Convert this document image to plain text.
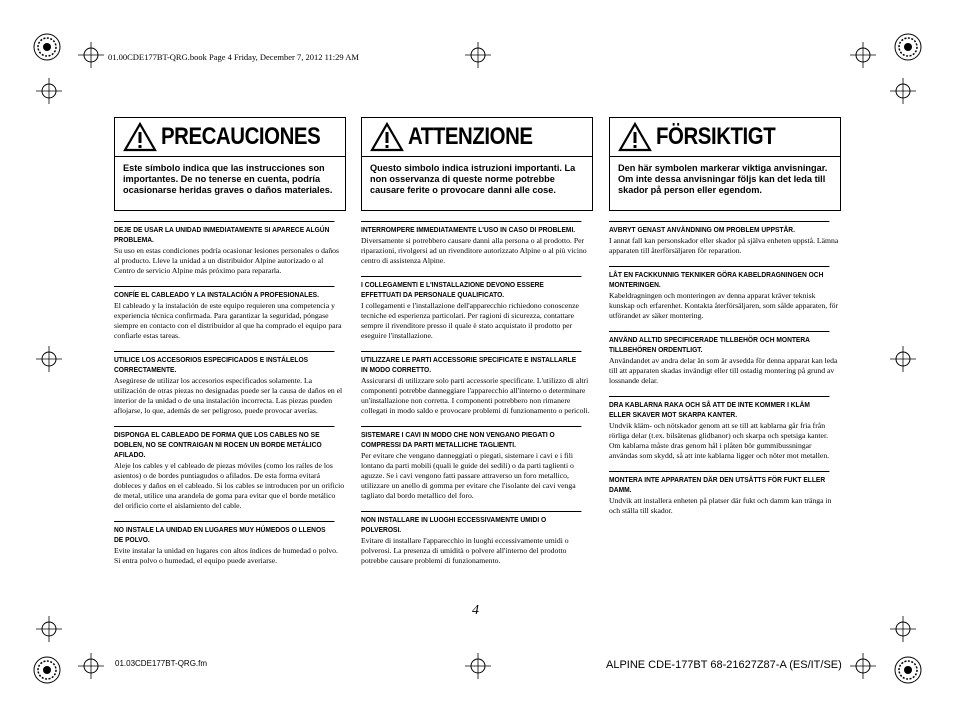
01.00CDE177BT-QRG.book Page 4 Friday, December 7, 2012 11:29 AM
PRECAUCIONES
Este símbolo indica que las instrucciones son importantes. De no tenerse en cuenta, podría ocasionarse heridas graves o daños materiales.
DEJE DE USAR LA UNIDAD INMEDIATAMENTE SI APARECE ALGÚN PROBLEMA.
Su uso en estas condiciones podría ocasionar lesiones personales o daños al producto. Lleve la unidad a un distribuidor Alpine autorizado o al Centro de servicio Alpine más próximo para repararla.
CONFÍE EL CABLEADO Y LA INSTALACIÓN A PROFESIONALES.
El cableado y la instalación de este equipo requieren una competencia y experiencia técnica confirmada. Para garantizar la seguridad, póngase siempre en contacto con el distribuidor al que ha comprado el equipo para confiarle estas tareas.
UTILICE LOS ACCESORIOS ESPECIFICADOS E INSTÁLELOS CORRECTAMENTE.
Asegúrese de utilizar los accesorios especificados solamente. La utilización de otras piezas no designadas puede ser la causa de daños en el interior de la unidad o de una instalación incorrecta. Las piezas pueden aflojarse, lo que, además de ser peligroso, puede provocar averías.
DISPONGA EL CABLEADO DE FORMA QUE LOS CABLES NO SE DOBLEN, NO SE CONTRAIGAN NI ROCEN UN BORDE METÁLICO AFILADO.
Aleje los cables y el cableado de piezas móviles (como los raíles de los asientos) o de bordes puntiagudos o afilados. De esta forma evitará dobleces y daños en el cableado. Si los cables se introducen por un orificio de metal, utilice una arandela de goma para evitar que el borde metálico del orificio corte el aislamiento del cable.
NO INSTALE LA UNIDAD EN LUGARES MUY HÚMEDOS O LLENOS DE POLVO.
Evite instalar la unidad en lugares con altos índices de humedad o polvo. Si entra polvo o humedad, el equipo puede averiarse.
ATTENZIONE
Questo simbolo indica istruzioni importanti. La non osservanza di queste norme potrebbe causare ferite o provocare danni alle cose.
INTERROMPERE IMMEDIATAMENTE L'USO IN CASO DI PROBLEMI.
Diversamente si potrebbero causare danni alla persona o al prodotto. Per riparazioni, rivolgersi ad un rivenditore autorizzato Alpine o al più vicino centro di assistenza Alpine.
I COLLEGAMENTI E L'INSTALLAZIONE DEVONO ESSERE EFFETTUATI DA PERSONALE QUALIFICATO.
I collegamenti e l'installazione dell'apparecchio richiedono conoscenze tecniche ed esperienza particolari. Per ragioni di sicurezza, contattare sempre il rivenditore presso il quale è stato acquistato il prodotto per eseguire l'installazione.
UTILIZZARE LE PARTI ACCESSORIE SPECIFICATE E INSTALLARLE IN MODO CORRETTO.
Assicurarsi di utilizzare solo parti accessorie specificate. L'utilizzo di altri componenti potrebbe danneggiare l'apparecchio all'interno o determinare un'installazione non corretta. I componenti potrebbero non rimanere collegati in modo saldo e provocare problemi di funzionamento o pericoli.
SISTEMARE I CAVI IN MODO CHE NON VENGANO PIEGATI O COMPRESSI DA PARTI METALLICHE TAGLIENTI.
Per evitare che vengano danneggiati o piegati, sistemare i cavi e i fili lontano da parti mobili (quali le guide dei sedili) o da parti taglienti o aguzze. Se i cavi vengono fatti passare attraverso un foro metallico, utilizzare un anello di gomma per evitare che l'isolante dei cavi venga tagliato dal bordo metallico del foro.
NON INSTALLARE IN LUOGHI ECCESSIVAMENTE UMIDI O POLVEROSI.
Evitare di installare l'apparecchio in luoghi eccessivamente umidi o polverosi. La presenza di umidità o polvere all'interno del prodotto potrebbe causare problemi di funzionamento.
FÖRSIKTIGT
Den här symbolen markerar viktiga anvisningar. Om inte dessa anvisningar följs kan det leda till skador på person eller egendom.
AVBRYT GENAST ANVÄNDNING OM PROBLEM UPPSTÅR.
I annat fall kan personskador eller skador på själva enheten uppstå. Lämna apparaten till återförsäljaren för reparation.
LÅT EN FACKKUNNIG TEKNIKER GÖRA KABELDRAGNINGEN OCH MONTERINGEN.
Kabeldragningen och monteringen av denna apparat kräver teknisk kunskap och erfarenhet. Kontakta återförsäljaren, som sålde apparaten, för utförandet av säker montering.
ANVÄND ALLTID SPECIFICERADE TILLBEHÖR OCH MONTERA TILLBEHÖREN ORDENTLIGT.
Användandet av andra delar än som är avsedda för denna apparat kan leda till att apparaten skadas invändigt eller till ostadig montering på grund av lossnande delar.
DRA KABLARNA RAKA OCH SÅ ATT DE INTE KOMMER I KLÄM ELLER SKAVER MOT SKARPA KANTER.
Undvik kläm- och nötskador genom att se till att kablarna går fria från rörliga delar (t.ex. bilsätenas glidbanor) och skarpa och spetsiga kanter. Om kablarna måste dras genom hål i plåten bör gummibussningar användas som skydd, så att inte kablarna ligger och nöter mot metallen.
MONTERA INTE APPARATEN DÄR DEN UTSÄTTS FÖR FUKT ELLER DAMM.
Undvik att installera enheten på platser där fukt och damm kan tränga in och ställa till skador.
4
01.03CDE177BT-QRG.fm	ALPINE CDE-177BT 68-21627Z87-A (ES/IT/SE)
